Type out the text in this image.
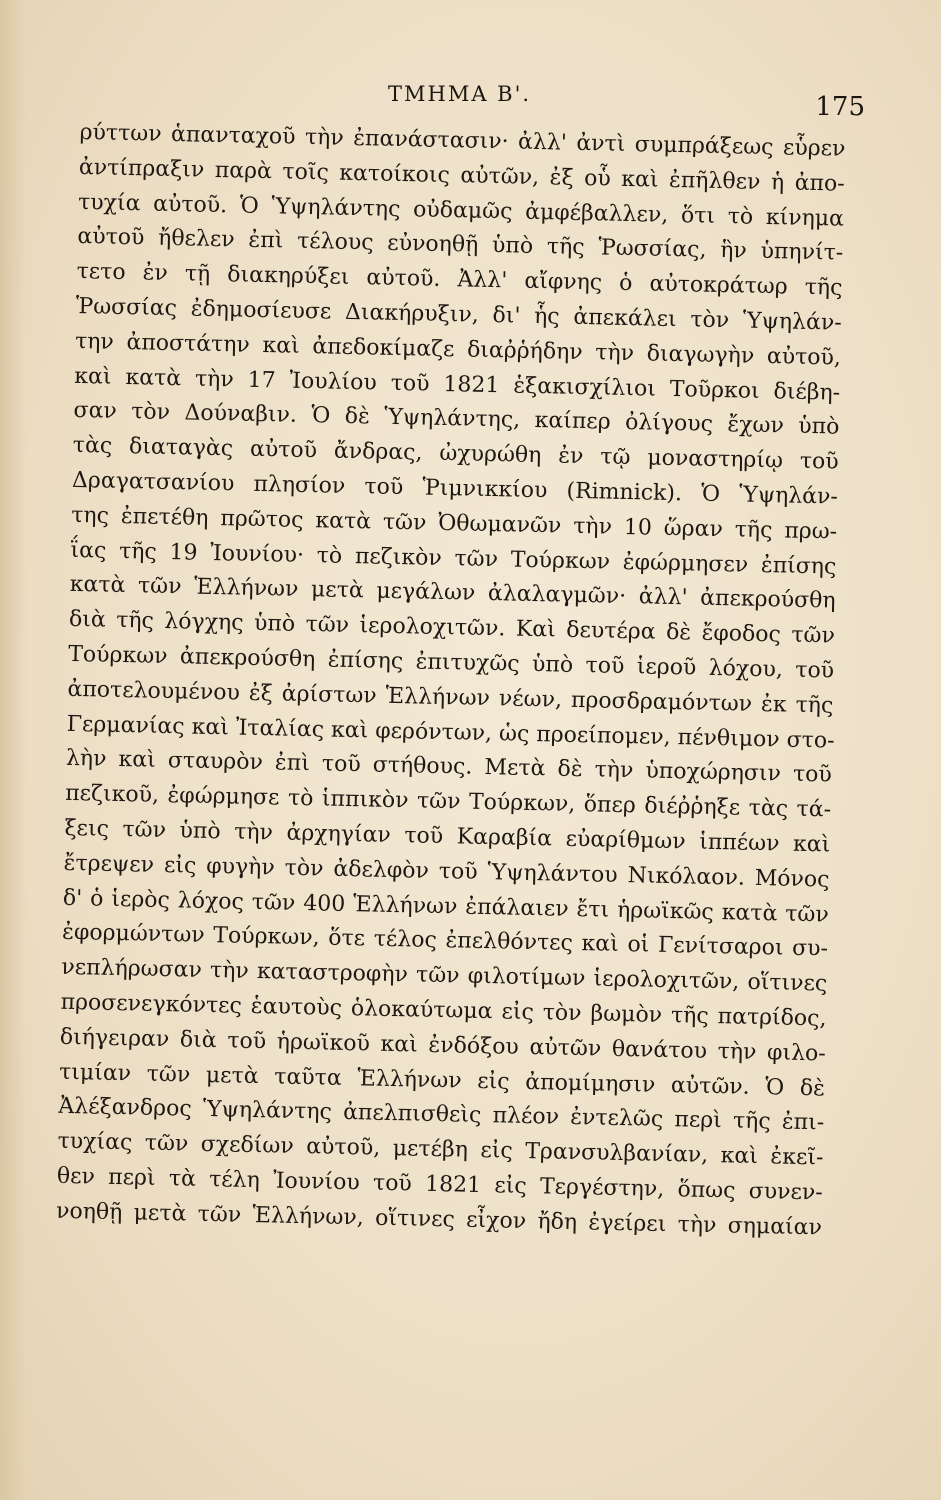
ΤΜΗΜΑ Β'.	175
ρύττων ἁπανταχοῦ τὴν ἐπανάστασιν· ἀλλ' ἀντὶ συμπράξεως εὗρεν
ἀντίπραξιν παρὰ τοῖς κατοίκοις αὐτῶν, ἐξ οὗ καὶ ἐπῆλθεν ἡ ἀπο-
τυχία αὐτοῦ. Ὁ Ὑψηλάντης οὐδαμῶς ἀμφέβαλλεν, ὅτι τὸ κίνημα
αὐτοῦ ἤθελεν ἐπὶ τέλους εὐνοηθῇ ὑπὸ τῆς Ῥωσσίας, ἣν ὑπηνίτ-
τετο ἐν τῇ διακηρύξει αὐτοῦ. Ἀλλ' αἴφνης ὁ αὐτοκράτωρ τῆς
Ῥωσσίας ἐδημοσίευσε Διακήρυξιν, δι' ἧς ἀπεκάλει τὸν Ὑψηλάν-
την ἀποστάτην καὶ ἀπεδοκίμαζε διαῤῥήδην τὴν διαγωγὴν αὐτοῦ,
καὶ κατὰ τὴν 17 Ἰουλίου τοῦ 1821 ἑξακισχίλιοι Τοῦρκοι διέβη-
σαν τὸν Δούναβιν. Ὁ δὲ Ὑψηλάντης, καίπερ ὀλίγους ἔχων ὑπὸ
τὰς διαταγὰς αὐτοῦ ἄνδρας, ὠχυρώθη ἐν τῷ μοναστηρίῳ τοῦ
Δραγατσανίου πλησίον τοῦ Ῥιμνικκίου (Rimnick). Ὁ Ὑψηλάν-
της ἐπετέθη πρῶτος κατὰ τῶν Ὀθωμανῶν τὴν 10 ὥραν τῆς πρω-
ΐας τῆς 19 Ἰουνίου· τὸ πεζικὸν τῶν Τούρκων ἐφώρμησεν ἐπίσης
κατὰ τῶν Ἑλλήνων μετὰ μεγάλων ἀλαλαγμῶν· ἀλλ' ἀπεκρούσθη
διὰ τῆς λόγχης ὑπὸ τῶν ἱερολοχιτῶν. Καὶ δευτέρα δὲ ἔφοδος τῶν
Τούρκων ἀπεκρούσθη ἐπίσης ἐπιτυχῶς ὑπὸ τοῦ ἱεροῦ λόχου, τοῦ
ἀποτελουμένου ἐξ ἀρίστων Ἑλλήνων νέων, προσδραμόντων ἐκ τῆς
Γερμανίας καὶ Ἰταλίας καὶ φερόντων, ὡς προείπομεν, πένθιμον στο-
λὴν καὶ σταυρὸν ἐπὶ τοῦ στήθους. Μετὰ δὲ τὴν ὑποχώρησιν τοῦ
πεζικοῦ, ἐφώρμησε τὸ ἱππικὸν τῶν Τούρκων, ὅπερ διέῤῥηξε τὰς τά-
ξεις τῶν ὑπὸ τὴν ἀρχηγίαν τοῦ Καραβία εὐαρίθμων ἱππέων καὶ
ἔτρεψεν εἰς φυγὴν τὸν ἀδελφὸν τοῦ Ὑψηλάντου Νικόλαον. Μόνος
δ' ὁ ἱερὸς λόχος τῶν 400 Ἑλλήνων ἐπάλαιεν ἔτι ἡρωϊκῶς κατὰ τῶν
ἐφορμώντων Τούρκων, ὅτε τέλος ἐπελθόντες καὶ οἱ Γενίτσαροι συ-
νεπλήρωσαν τὴν καταστροφὴν τῶν φιλοτίμων ἱερολοχιτῶν, οἵτινες
προσενεγκόντες ἑαυτοὺς ὁλοκαύτωμα εἰς τὸν βωμὸν τῆς πατρίδος,
διήγειραν διὰ τοῦ ἡρωϊκοῦ καὶ ἐνδόξου αὐτῶν θανάτου τὴν φιλο-
τιμίαν τῶν μετὰ ταῦτα Ἑλλήνων εἰς ἀπομίμησιν αὐτῶν. Ὁ δὲ
Ἀλέξανδρος Ὑψηλάντης ἀπελπισθεὶς πλέον ἐντελῶς περὶ τῆς ἐπι-
τυχίας τῶν σχεδίων αὐτοῦ, μετέβη εἰς Τρανσυλβανίαν, καὶ ἐκεῖ-
θεν περὶ τὰ τέλη Ἰουνίου τοῦ 1821 εἰς Τεργέστην, ὅπως συνεν-
νοηθῇ μετὰ τῶν Ἑλλήνων, οἵτινες εἶχον ἤδη ἐγείρει τὴν σημαίαν
